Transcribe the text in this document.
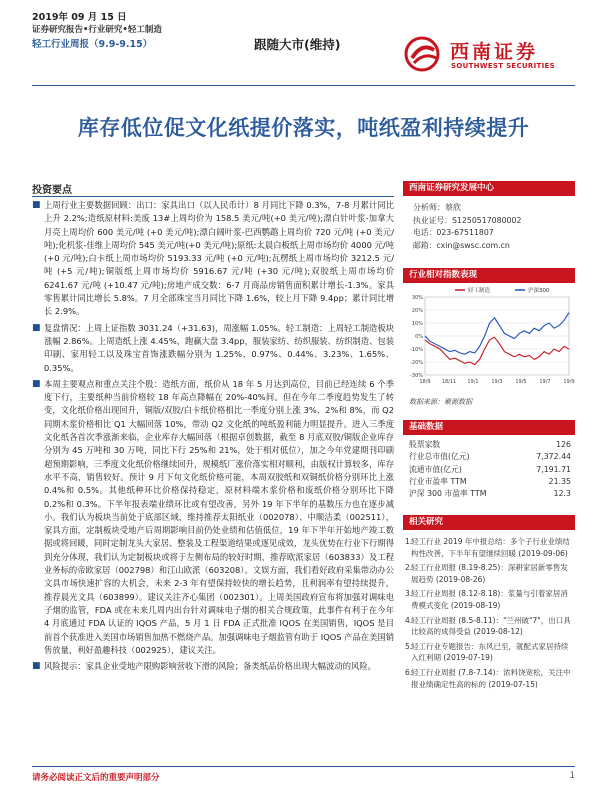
2019年 09 月 15 日
证券研究报告•行业研究•轻工制造
轻工行业周报（9.9-9.15）	跟随大市(维持)	西南证券
SOUTHWEST SECURITIES
库存低位促文化纸提价落实，吨纸盈利持续提升
投资要点
■ 上周行业主要数据回顾：出口：家具出口（以人民币计）8 月同比下降 0.3%，7-8 月累计同比上升 2.2%;造纸原材料:美废 13#上周均价为 158.5 美元/吨(+0 美元/吨);漂白针叶浆-加拿大月亮上周均价 600 美元/吨 (+0 美元/吨);漂白阔叶浆-巴西鹦鹉上周均价 720 元/吨 (+0 美元/吨);化机浆-佳维上周均价 545 美元/吨(+0 美元/吨);原纸:太晨白板纸上周市场均价 4000 元/吨 (+0 元/吨);白卡纸上周市场均价 5193.33 元/吨 (+0 元/吨);瓦楞纸上周市场均价 3212.5 元/吨 (+5 元/吨);铜版纸上周市场均价 5916.67 元/吨 (+30 元/吨);双胶纸上周市场均价 6241.67 元/吨 (+10.47 元/吨);房地产成交数：6-7 月商品房销售面积累计增长-1.3%。家具零售累计同比增长 5.8%。7 月全部珠宝当月同比下降 1.6%，较上月下降 9.4pp；累计同比增长 2.9%。
■ 复盘情况：上周上证指数 3031.24（+31.63)，周涨幅 1.05%。轻工制造：上周轻工制造板块涨幅 2.86%。上周造纸上涨 4.45%，跑赢大盘 3.4pp，服装家纺、纺织服装、纺织制造、包装印刷、家用轻工以及珠宝首饰涨跌幅分别为 1.25%、0.97%、0.44%、3.23%、1.65%、0.35%。
■ 本周主要观点和重点关注个股：造纸方面，纸价从 18 年 5 月达到高位，目前已经连续 6 个季度下行，主要纸种当前价格较 18 年高点降幅在 20%-40%间。但在今年二季度趋势发生了转变，文化纸价格出现回升，铜版/双胶/白卡纸价格相比一季度分别上涨 3%、2%和 8%，而 Q2 同期木浆价格相比 Q1 大幅回落 10%，带动 Q2 文化纸的吨纸盈利能力明显提升。进入三季度文化纸各首次季涨渐来临，企业库存大幅回落（根据卓创数据，截至 8 月底双胶/铜版企业库存分别为 45 万吨和 30 万吨，同比下行 25%和 21%，处于相对低位），加之今年党建期刊印刷超预期影响，三季度文化纸价格继续回升，规模纸厂涨价落实相对顺利，由版权计算较多，库存水平不高，销售较好。预计 9 月下旬文化纸价格可能，本周双胶纸和双铜纸价格分别环比上涨 0.4%和 0.5%。其他纸种环比价格保持稳定，原材料端木浆价格和废纸价格分别环比下降 0.2%和 0.3%。下半年报表端业绩环比或有望改善，另外 19 年下半年的基数压力也在逐步减小。我们认为板块当前处于底部区域，维持推荐太阳纸业（002078）、中顺洁柔（002511），家具方面，定制板块受地产后周期影响目前仍处业绩和估值低位，19 年下半年开始地产竣工数据或将回暖，同时定制龙头大家居、整装及工程渠道结果或逐见成效，龙头优势在行业下行期得到充分体现，我们认为定制板块或将于左侧布局的较好时期，推荐欧派家居（603833）及工程业务标的帝欧家居（002798）和江山欧派（603208）。文娱方面，我们看好政府采集带动办公文具市场快速扩容的大机会，未来 2-3 年有望保持较快的增长趋势，且利润率有望持续提升，推荐晨光文具（603899）。建议关注齐心集团（002301）。上周美国政府宣布将加强对调味电子烟的监管，FDA 或在未来几周内出台针对调味电子烟的相关合规政策，此事件有利于在今年 4 月底通过 FDA 认证的 IQOS 产品，5 月 1 日 FDA 正式批准 IQOS 在美国销售，IQOS 是目前首个获准进入美国市场销售加热不燃烧产品。加强调味电子烟监管有助于 IQOS 产品在美国销售放量，利好盈趣科技（002925），建议关注。
■ 风险提示：家具企业受地产限购影响营收下滑的风险；备类纸品价格出现大幅波动的风险。
西南证券研究发展中心
分析师：蔡欣
执业证号：S1250517080002
电话：023-67511807
邮箱：cxin@swsc.com.cn
行业相对指数表现
30%
20%
10%
0%
-10%
-20%
-30%
18/9 18/11 19/1	19/3	19/5	19/7	19/9
轻工制造	沪深300
数据来源：聚源数据
基础数据
股票家数	126
行业总市值(亿元)	7,372.44
流通市值(亿元)	7,191.71
行业市盈率 TTM	21.35
沪深 300 市盈率 TTM	12.3
相关研究
1.
轻工行业 2019 年中报总结：多个子行业业绩结构性改善，下半年有望继续回暖 (2019-09-06)
2.
轻工行业周报 (8.19-8.25)：深耕家居新零售发展趋势 (2019-08-26)
3.
轻工行业周报 (8.12-8.18)：浆量与引着家居消费模式变化 (2019-08-19)
4.
轻工行业周报 (8.5-8.11)："兰州破"7"，出口具比较高的成得受益 (2019-08-12)
5.
轻工行业专题报告：东风已至，就配式家居持续入红利期 (2019-07-19)
6.
轻工行业周报 (7.8-7.14)：浓料饶宽松，关注中报业绩确定性高的标的 (2019-07-15)
请务必阅读正文后的重要声明部分	1
